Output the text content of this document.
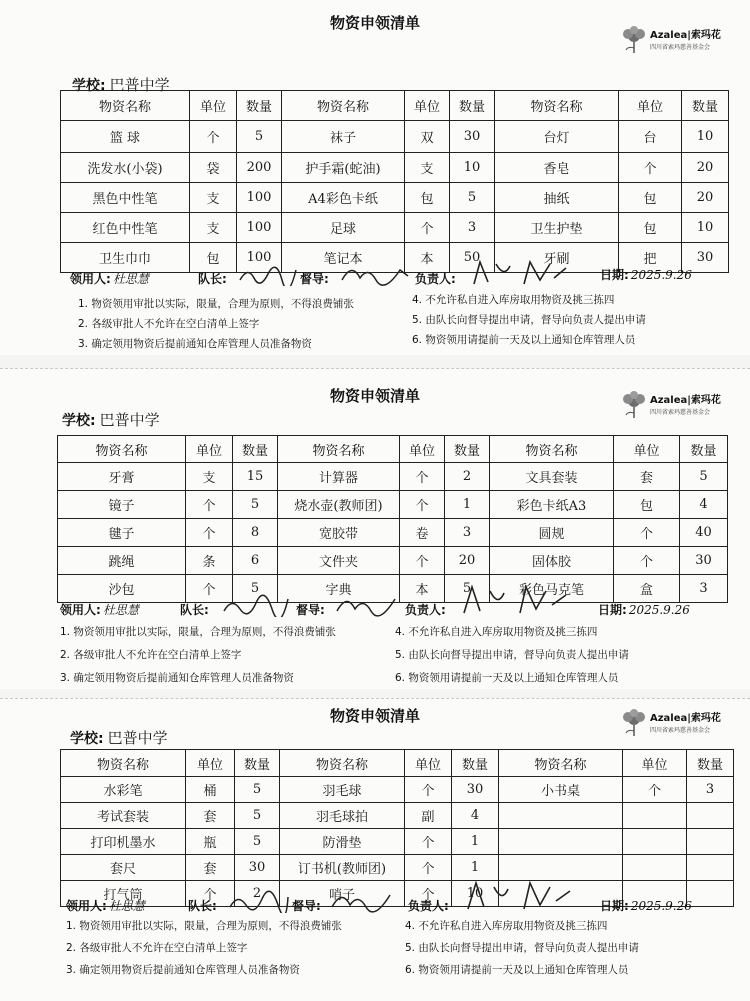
物资申领清单
Azalea|索玛花
四川省索玛慈善基金会
学校: 巴普中学
物资名称	单位	数量	物资名称	单位	数量	物资名称	单位	数量
篮 球	个	5	袜子	双	30	台灯	台	10
洗发水(小袋)	袋	200	护手霜(蛇油)	支	10	香皂	个	20
黑色中性笔	支	100	A4彩色卡纸	包	5	抽纸	包	20
红色中性笔	支	100	足球	个	3	卫生护垫	包	10
卫生巾巾	包	100	笔记本	本	50	牙刷	把	30
领用人: 杜思慧	队长:	督导:	负责人:	日期: 2025.9.26
1. 物资领用审批以实际，限量，合理为原则，不得浪费铺张
2. 各级审批人不允许在空白清单上签字
3. 确定领用物资后提前通知仓库管理人员准备物资
4. 不允许私自进入库房取用物资及挑三拣四
5. 由队长向督导提出申请，督导向负责人提出申请
6. 物资领用请提前一天及以上通知仓库管理人员
物资申领清单	Azalea|索玛花
四川省索玛慈善基金会
学校: 巴普中学
物资名称	单位	数量	物资名称	单位	数量	物资名称	单位	数量
牙膏	支	15	计算器	个	2	文具套装	套	5
镜子	个	5	烧水壶(教师团)	个	1	彩色卡纸A3	包	4
毽子	个	8	宽胶带	卷	3	圆规	个	40
跳绳	条	6	文件夹	个	20	固体胶	个	30
沙包	个	5	字典	本	5	彩色马克笔	盒	3
领用人: 杜思慧	队长:	督导:	负责人:	日期: 2025.9.26
1. 物资领用审批以实际，限量，合理为原则，不得浪费铺张
2. 各级审批人不允许在空白清单上签字
3. 确定领用物资后提前通知仓库管理人员准备物资
4. 不允许私自进入库房取用物资及挑三拣四
5. 由队长向督导提出申请，督导向负责人提出申请
6. 物资领用请提前一天及以上通知仓库管理人员
物资申领清单	Azalea|索玛花
四川省索玛慈善基金会
学校: 巴普中学
物资名称	单位	数量	物资名称	单位	数量	物资名称	单位	数量
水彩笔	桶	5	羽毛球	个	30	小书桌	个	3
考试套装	套	5	羽毛球拍	副	4			
打印机墨水	瓶	5	防滑垫	个	1			
套尺	套	30	订书机(教师团)	个	1			
打气筒	个	2	哨子	个	10			
领用人: 杜思慧	队长:	督导:	负责人:	日期: 2025.9.26
1. 物资领用审批以实际，限量，合理为原则，不得浪费铺张
2. 各级审批人不允许在空白清单上签字
3. 确定领用物资后提前通知仓库管理人员准备物资
4. 不允许私自进入库房取用物资及挑三拣四
5. 由队长向督导提出申请，督导向负责人提出申请
6. 物资领用请提前一天及以上通知仓库管理人员
